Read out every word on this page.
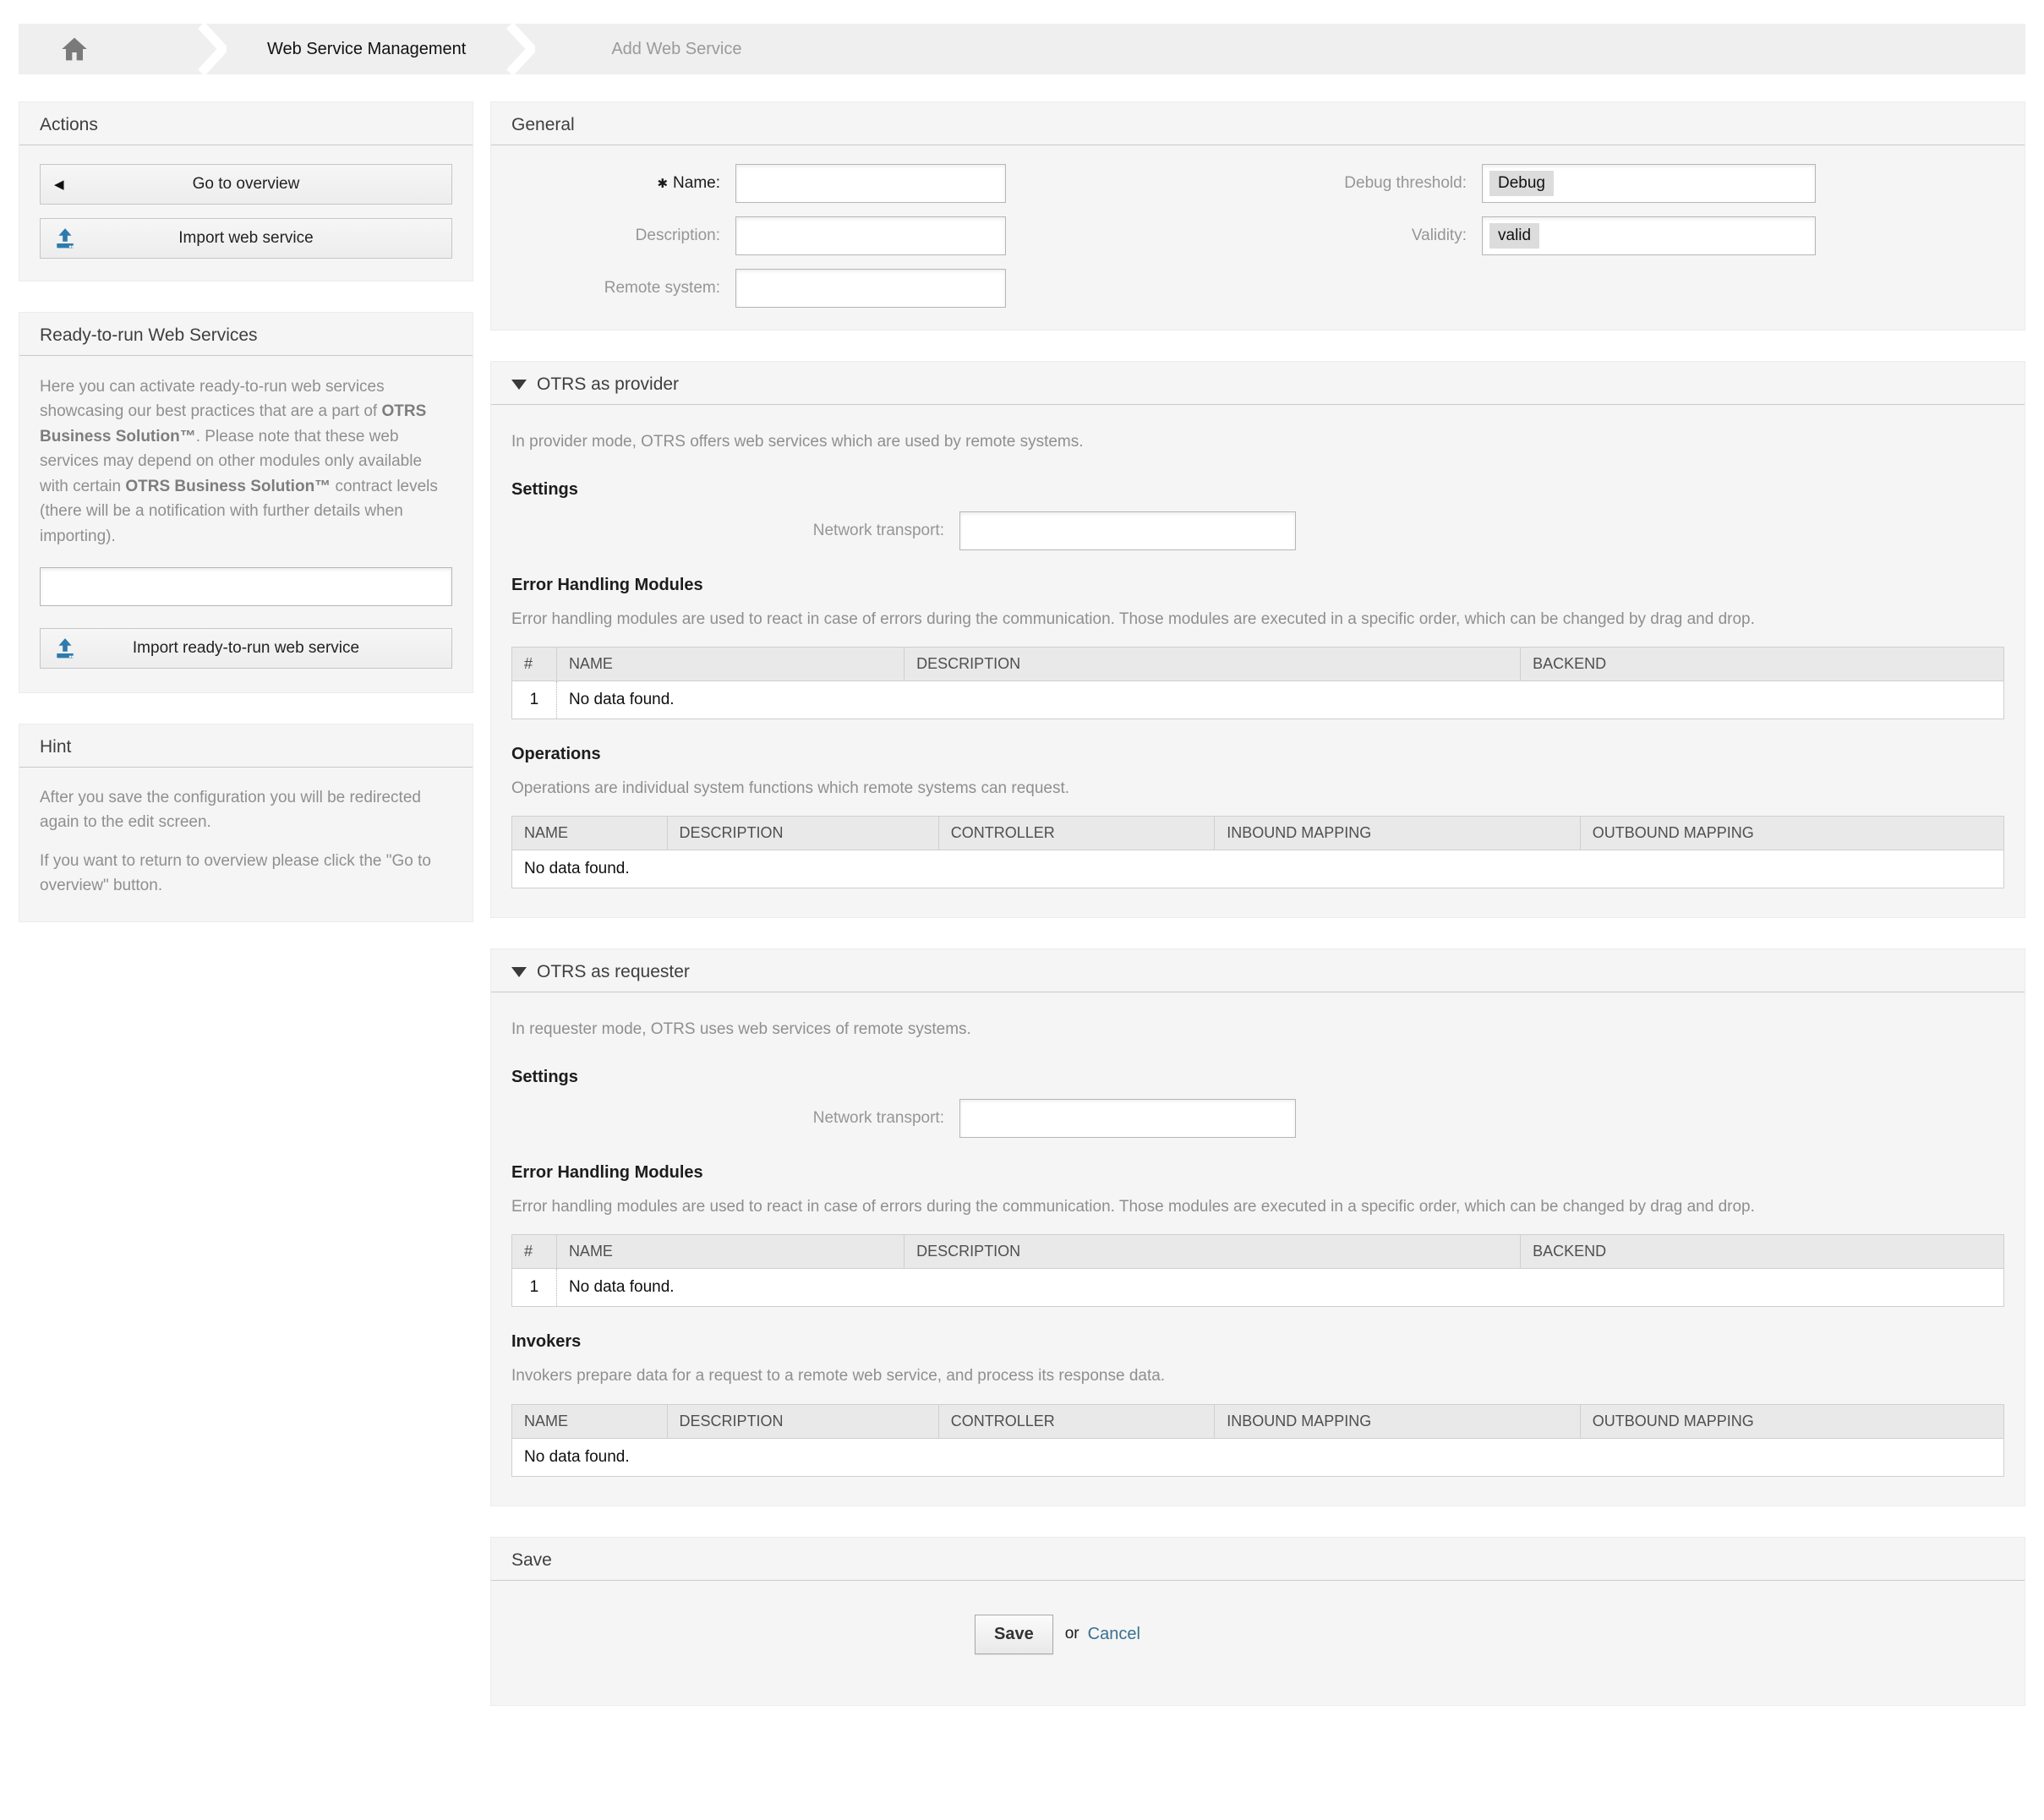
Web Service Management	Add Web Service
Actions
◀	Go to overview
Import web service
Ready-to-run Web Services

Here you can activate ready-to-run web services showcasing our best practices that are a part of OTRS Business Solution™. Please note that these web services may depend on other modules only available with certain OTRS Business Solution™ contract levels (there will be a notification with further details when importing).

Import ready-to-run web service
Hint

After you save the configuration you will be redirected again to the edit screen.

If you want to return to overview please click the "Go to overview" button.

General
✱ Name:
Description:
Remote system:
Debug threshold:	Debug
Validity:	valid
OTRS as provider

In provider mode, OTRS offers web services which are used by remote systems.

Settings
Network transport:
Error Handling Modules

Error handling modules are used to react in case of errors during the communication. Those modules are executed in a specific order, which can be changed by drag and drop.

#	NAME	DESCRIPTION	BACKEND
1	No data found.		
Operations

Operations are individual system functions which remote systems can request.

NAME	DESCRIPTION	CONTROLLER	INBOUND MAPPING	OUTBOUND MAPPING
No data found.
OTRS as requester

In requester mode, OTRS uses web services of remote systems.

Settings
Network transport:
Error Handling Modules

Error handling modules are used to react in case of errors during the communication. Those modules are executed in a specific order, which can be changed by drag and drop.

#	NAME	DESCRIPTION	BACKEND
1	No data found.		
Invokers

Invokers prepare data for a request to a remote web service, and process its response data.

NAME	DESCRIPTION	CONTROLLER	INBOUND MAPPING	OUTBOUND MAPPING
No data found.
Save
Save	or Cancel
